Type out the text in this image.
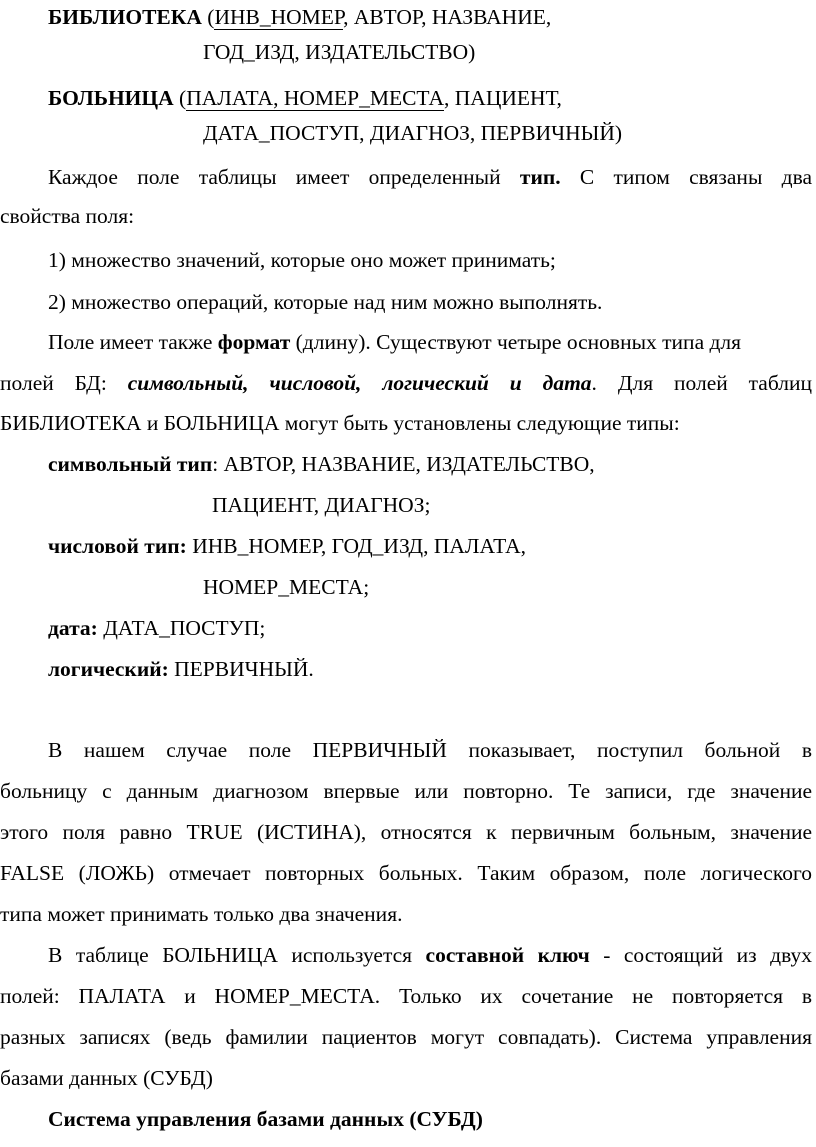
БИБЛИОТЕКА (ИНВ_НОМЕР, АВТОР, НАЗВАНИЕ,
ГОД_ИЗД, ИЗДАТЕЛЬСТВО)
БОЛЬНИЦА (ПАЛАТА, НОМЕР_МЕСТА, ПАЦИЕНТ,
ДАТА_ПОСТУП, ДИАГНОЗ, ПЕРВИЧНЫЙ)
Каждое поле таблицы имеет определенный тип. С типом связаны два
свойства поля:
1) множество значений, которые оно может принимать;
2) множество операций, которые над ним можно выполнять.
Поле имеет также формат (длину). Существуют четыре основных типа для
полей БД: символьный, числовой, логический и дата. Для полей таблиц
БИБЛИОТЕКА и БОЛЬНИЦА могут быть установлены следующие типы:
символьный тип: АВТОР, НАЗВАНИЕ, ИЗДАТЕЛЬСТВО,
ПАЦИЕНТ, ДИАГНОЗ;
числовой тип: ИНВ_НОМЕР, ГОД_ИЗД, ПАЛАТА,
НОМЕР_МЕСТА;
дата: ДАТА_ПОСТУП;
логический: ПЕРВИЧНЫЙ.
В нашем случае поле ПЕРВИЧНЫЙ показывает, поступил больной в
больницу с данным диагнозом впервые или повторно. Те записи, где значение
этого поля равно TRUE (ИСТИНА), относятся к первичным больным, значение
FALSE (ЛОЖЬ) отмечает повторных больных. Таким образом, поле логического
типа может принимать только два значения.
В таблице БОЛЬНИЦА используется составной ключ - состоящий из двух
полей: ПАЛАТА и НОМЕР_МЕСТА. Только их сочетание не повторяется в
разных записях (ведь фамилии пациентов могут совпадать). Система управления
базами данных (СУБД)
Система управления базами данных (СУБД)
